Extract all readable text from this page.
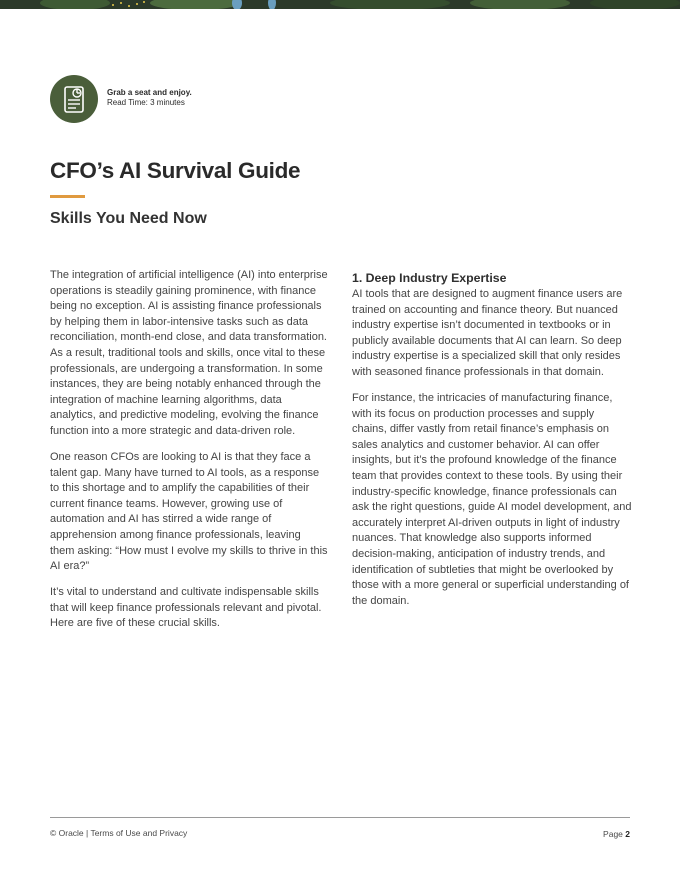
Grab a seat and enjoy.
Read Time: 3 minutes
CFO’s AI Survival Guide
Skills You Need Now

The integration of artificial intelligence (AI) into enterprise operations is steadily gaining prominence, with finance being no exception. AI is assisting finance professionals by helping them in labor-intensive tasks such as data reconciliation, month-end close, and data transformation. As a result, traditional tools and skills, once vital to these professionals, are undergoing a transformation. In some instances, they are being notably enhanced through the integration of machine learning algorithms, data analytics, and predictive modeling, evolving the finance function into a more strategic and data-driven role.

One reason CFOs are looking to AI is that they face a talent gap. Many have turned to AI tools, as a response to this shortage and to amplify the capabilities of their current finance teams. However, growing use of automation and AI has stirred a wide range of apprehension among finance professionals, leaving them asking: “How must I evolve my skills to thrive in this AI era?”

It’s vital to understand and cultivate indispensable skills that will keep finance professionals relevant and pivotal. Here are five of these crucial skills.

1. Deep Industry Expertise

AI tools that are designed to augment finance users are trained on accounting and finance theory. But nuanced industry expertise isn’t documented in textbooks or in publicly available documents that AI can learn. So deep industry expertise is a specialized skill that only resides with seasoned finance professionals in that domain.

For instance, the intricacies of manufacturing finance, with its focus on production processes and supply chains, differ vastly from retail finance’s emphasis on sales analytics and customer behavior. AI can offer insights, but it’s the profound knowledge of the finance team that provides context to these tools. By using their industry-specific knowledge, finance professionals can ask the right questions, guide AI model development, and accurately interpret AI-driven outputs in light of industry nuances. That knowledge also supports informed decision-making, anticipation of industry trends, and identification of subtleties that might be overlooked by those with a more general or superficial understanding of the domain.

© Oracle | Terms of Use and Privacy	Page 2
